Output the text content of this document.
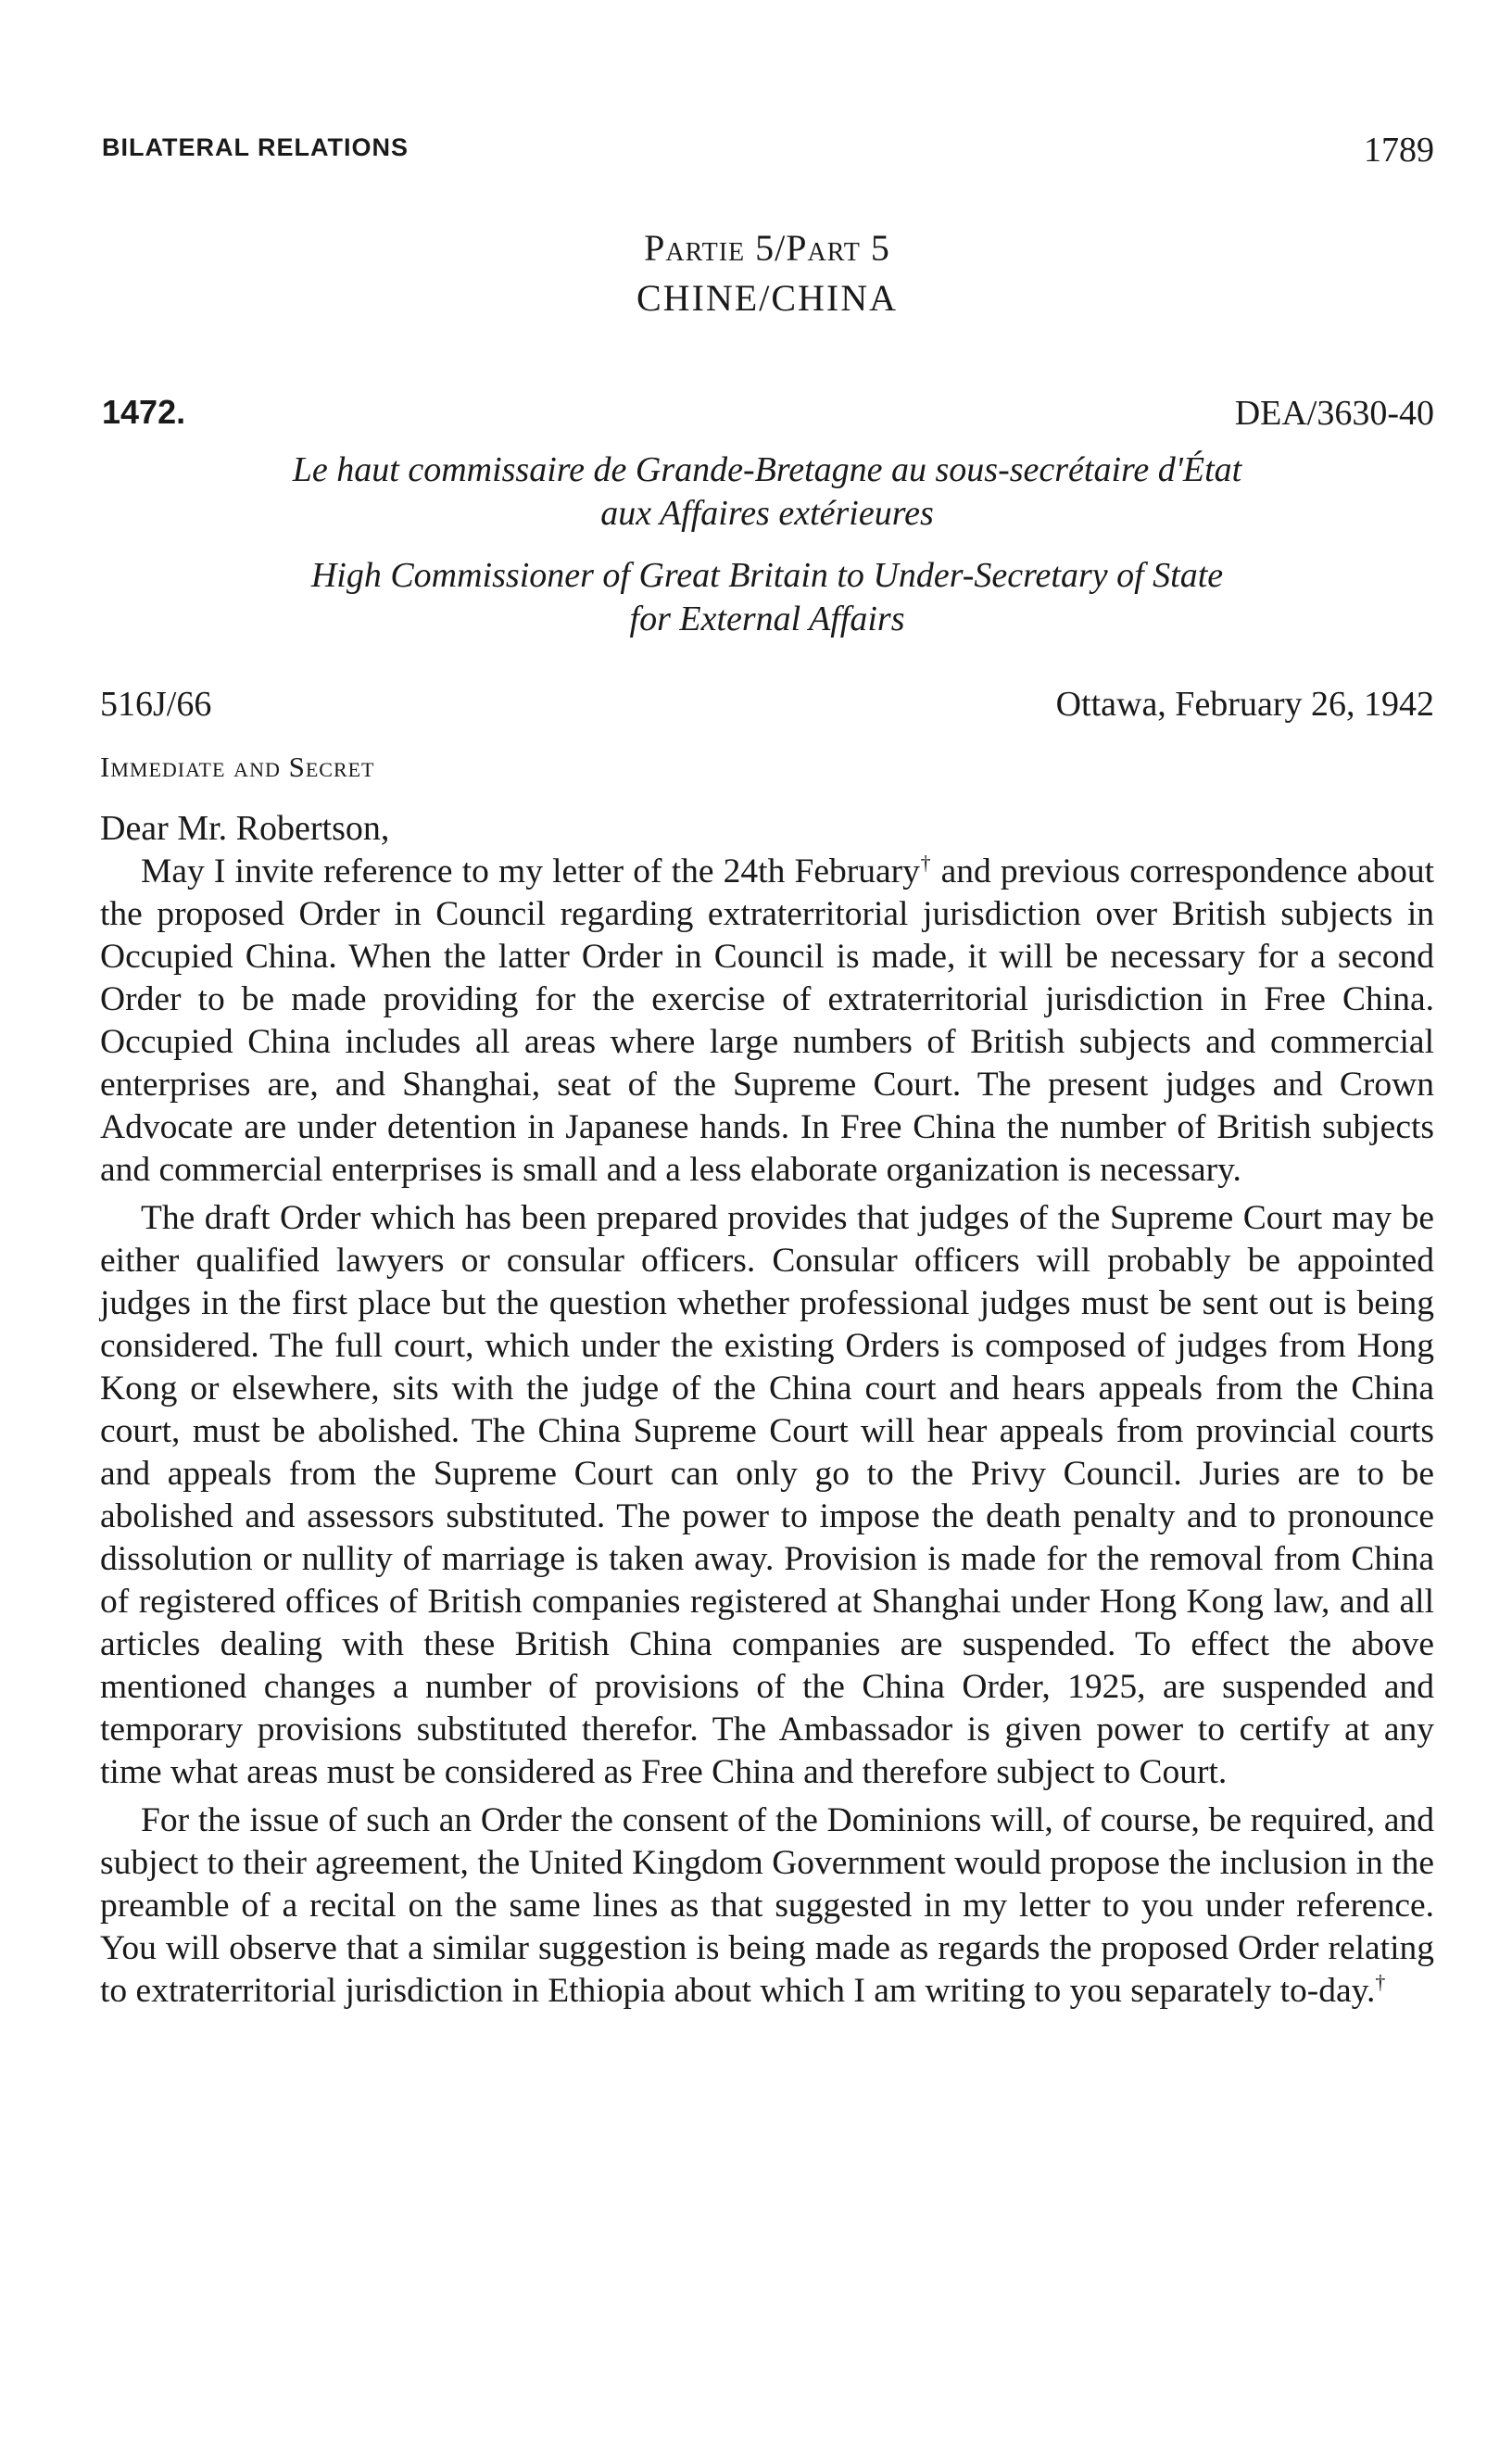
BILATERAL RELATIONS	1789
Partie 5/Part 5
CHINE/CHINA
1472.	DEA/3630-40
Le haut commissaire de Grande-Bretagne au sous-secrétaire d'État
aux Affaires extérieures
High Commissioner of Great Britain to Under-Secretary of State
for External Affairs
516J/66	Ottawa, February 26, 1942
Immediate and Secret
Dear Mr. Robertson,

May I invite reference to my letter of the 24th February† and previous correspondence about the proposed Order in Council regarding extraterritorial jurisdiction over British subjects in Occupied China. When the latter Order in Council is made, it will be necessary for a second Order to be made providing for the exercise of extraterritorial jurisdiction in Free China. Occupied China includes all areas where large numbers of British subjects and commercial enterprises are, and Shanghai, seat of the Supreme Court. The present judges and Crown Advocate are under detention in Japanese hands. In Free China the number of British subjects and commercial enterprises is small and a less elaborate organization is necessary.

The draft Order which has been prepared provides that judges of the Supreme Court may be either qualified lawyers or consular officers. Consular officers will probably be appointed judges in the first place but the question whether professional judges must be sent out is being considered. The full court, which under the existing Orders is composed of judges from Hong Kong or elsewhere, sits with the judge of the China court and hears appeals from the China court, must be abolished. The China Supreme Court will hear appeals from provincial courts and appeals from the Supreme Court can only go to the Privy Council. Juries are to be abolished and assessors substituted. The power to impose the death penalty and to pronounce dissolution or nullity of marriage is taken away. Provision is made for the removal from China of registered offices of British companies registered at Shanghai under Hong Kong law, and all articles dealing with these British China companies are suspended. To effect the above mentioned changes a number of provisions of the China Order, 1925, are suspended and temporary provisions substituted therefor. The Ambassador is given power to certify at any time what areas must be considered as Free China and therefore subject to Court.

For the issue of such an Order the consent of the Dominions will, of course, be required, and subject to their agreement, the United Kingdom Government would propose the inclusion in the preamble of a recital on the same lines as that suggested in my letter to you under reference. You will observe that a similar suggestion is being made as regards the proposed Order relating to extraterritorial jurisdiction in Ethiopia about which I am writing to you separately to-day.†
